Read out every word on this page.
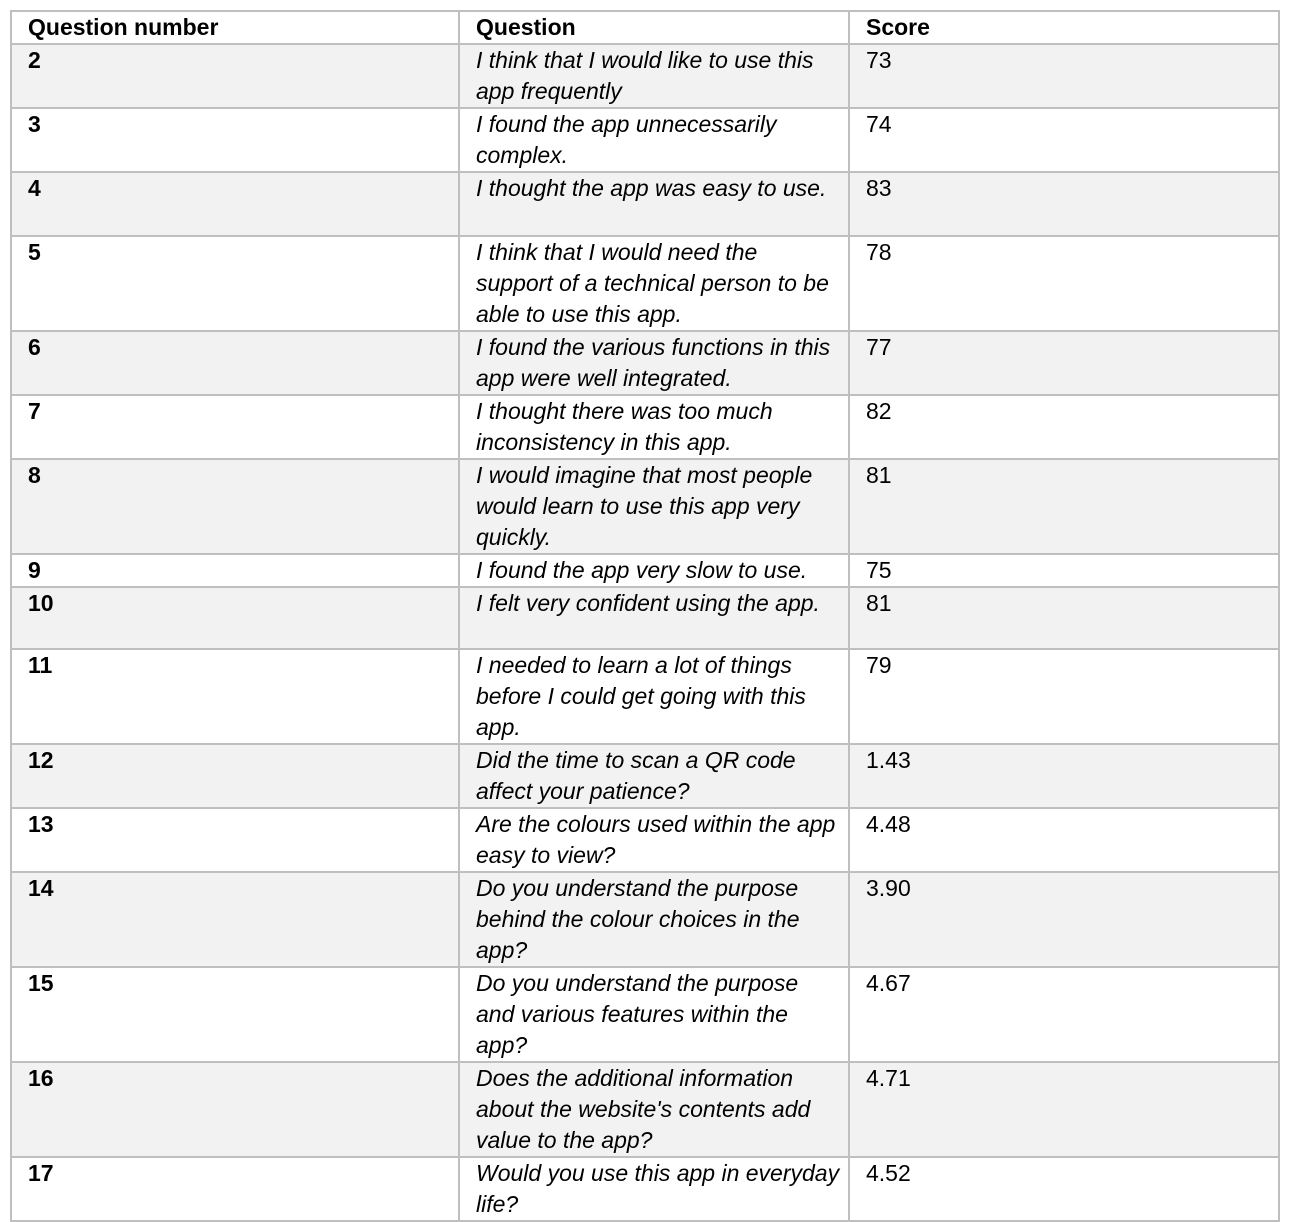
Question number	Question	Score
2	I think that I would like to use this app frequently	73
3	I found the app unnecessarily complex.	74
4	I thought the app was easy to use.	83
5	I think that I would need the support of a technical person to be able to use this app.	78
6	I found the various functions in this app were well integrated.	77
7	I thought there was too much inconsistency in this app.	82
8	I would imagine that most people would learn to use this app very quickly.	81
9	I found the app very slow to use.	75
10	I felt very confident using the app.	81
11	I needed to learn a lot of things before I could get going with this app.	79
12	Did the time to scan a QR code affect your patience?	1.43
13	Are the colours used within the app easy to view?	4.48
14	Do you understand the purpose behind the colour choices in the app?	3.90
15	Do you understand the purpose and various features within the app?	4.67
16	Does the additional information about the website's contents add value to the app?	4.71
17	Would you use this app in everyday life?	4.52
